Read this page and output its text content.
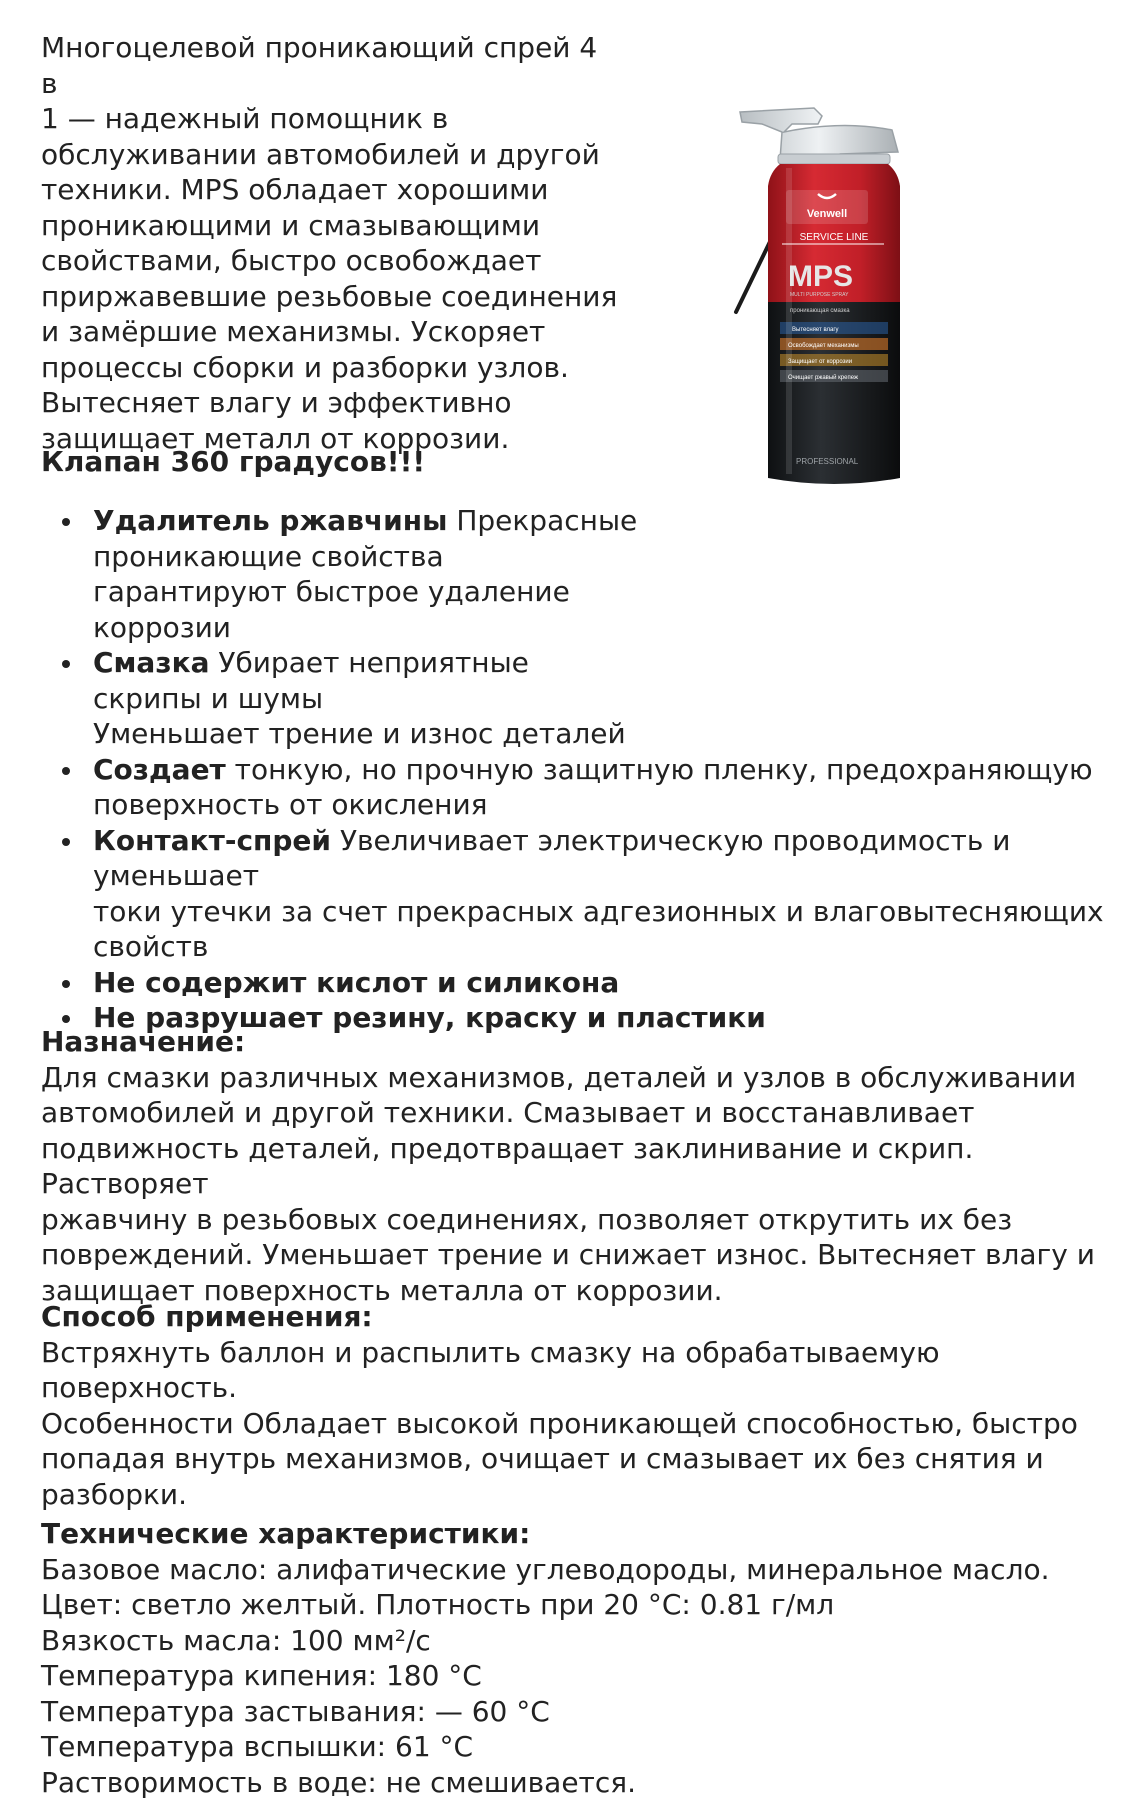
Многоцелевой проникающий спрей 4 в
1 — надежный помощник в
обслуживании автомобилей и другой
техники. MPS обладает хорошими
проникающими и смазывающими
свойствами, быстро освобождает
приржавевшие резьбовые соединения
и замёршие механизмы. Ускоряет
процессы сборки и разборки узлов.
Вытесняет влагу и эффективно
защищает металл от коррозии.
Venwell
SERVICE LINE
MPS
MULTI PURPOSE SPRAY
проникающая смазка
Вытесняет влагу
Освобождает механизмы
Защищает от коррозии
Очищает ржавый крепеж
PROFESSIONAL

Клапан 360 градусов!!!

Удалитель ржавчины Прекрасные
проникающие свойства
гарантируют быстрое удаление
коррозии
Смазка Убирает неприятные
скрипы и шумы
Уменьшает трение и износ деталей
Создает тонкую, но прочную защитную пленку, предохраняющую
поверхность от окисления
Контакт-спрей Увеличивает электрическую проводимость и уменьшает
токи утечки за счет прекрасных адгезионных и влаговытесняющих
свойств
Не содержит кислот и силикона
Не разрушает резину, краску и пластики
Назначение:
Для смазки различных механизмов, деталей и узлов в обслуживании
автомобилей и другой техники. Смазывает и восстанавливает
подвижность деталей, предотвращает заклинивание и скрип. Растворяет
ржавчину в резьбовых соединениях, позволяет открутить их без
повреждений. Уменьшает трение и снижает износ. Вытесняет влагу и
защищает поверхность металла от коррозии.
Способ применения:
Встряхнуть баллон и распылить смазку на обрабатываемую поверхность.
Особенности Обладает высокой проникающей способностью, быстро
попадая внутрь механизмов, очищает и смазывает их без снятия и
разборки.
Технические характеристики:
Базовое масло: алифатические углеводороды, минеральное масло.
Цвет: светло желтый. Плотность при 20 °С: 0.81 г/мл
Вязкость масла: 100 мм²/с
Температура кипения: 180 °С
Температура застывания: — 60 °С
Температура вспышки: 61 °С
Растворимость в воде: не смешивается.
